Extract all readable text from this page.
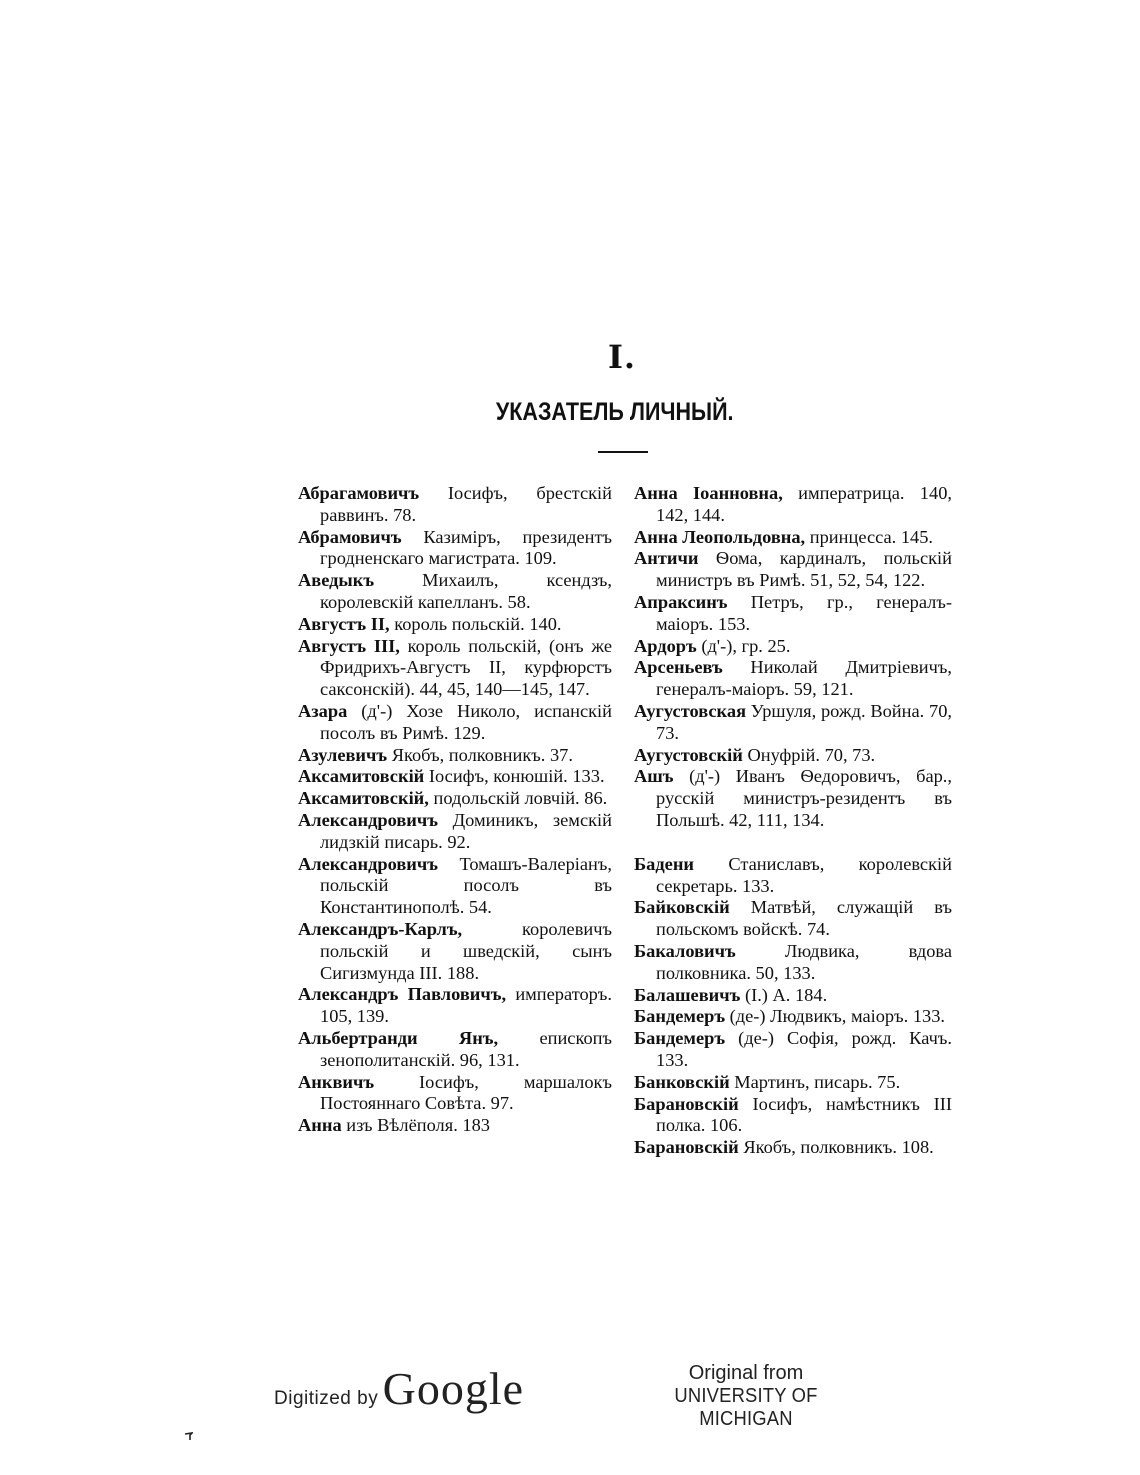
I.
УКАЗАТЕЛЬ ЛИЧНЫЙ.

Абрагамовичъ Іосифъ, брестскій раввинъ. 78.

Абрамовичъ Казиміръ, президентъ гродненскаго магистрата. 109.

Аведыкъ Михаилъ, ксендзъ, королевскій капелланъ. 58.

Августъ II, король польскій. 140.

Августъ III, король польскій, (онъ же Фридрихъ-Августъ II, курфюрстъ саксонскій). 44, 45, 140—145, 147.

Азара (д'-) Хозе Николо, испанскій посолъ въ Римѣ. 129.

Азулевичъ Якобъ, полковникъ. 37.

Аксамитовскій Іосифъ, конюшій. 133.

Аксамитовскій, подольскій ловчій. 86.

Александровичъ Доминикъ, земскій лидзкій писарь. 92.

Александровичъ Томашъ-Валеріанъ, польскій посолъ въ Константинополѣ. 54.

Александръ-Карлъ, королевичъ польскій и шведскій, сынъ Сигизмунда III. 188.

Александръ Павловичъ, императоръ. 105, 139.

Альбертранди Янъ, епископъ зенополитанскій. 96, 131.

Анквичъ Іосифъ, маршалокъ Постояннаго Совѣта. 97.

Анна изъ Вѣлёполя. 183

Анна Іоанновна, императрица. 140, 142, 144.

Анна Леопольдовна, принцесса. 145.

Античи Ѳома, кардиналъ, польскій министръ въ Римѣ. 51, 52, 54, 122.

Апраксинъ Петръ, гр., генералъ-маіоръ. 153.

Ардоръ (д'-), гр. 25.

Арсеньевъ Николай Дмитріевичъ, генералъ-маіоръ. 59, 121.

Аугустовская Уршуля, рожд. Война. 70, 73.

Аугустовскій Онуфрій. 70, 73.

Ашъ (д'-) Иванъ Ѳедоровичъ, бар., русскій министръ-резидентъ въ Польшѣ. 42, 111, 134.

Бадени Станиславъ, королевскій секретарь. 133.

Байковскій Матвѣй, служащій въ польскомъ войскѣ. 74.

Бакаловичъ Людвика, вдова полковника. 50, 133.

Балашевичъ (I.) А. 184.

Бандемеръ (де-) Людвикъ, маіоръ. 133.

Бандемеръ (де-) Софія, рожд. Качъ. 133.

Банковскій Мартинъ, писарь. 75.

Барановскій Іосифъ, намѣстникъ III полка. 106.

Барановскій Якобъ, полковникъ. 108.

Digitized by Google	Original from
UNIVERSITY OF MICHIGAN
